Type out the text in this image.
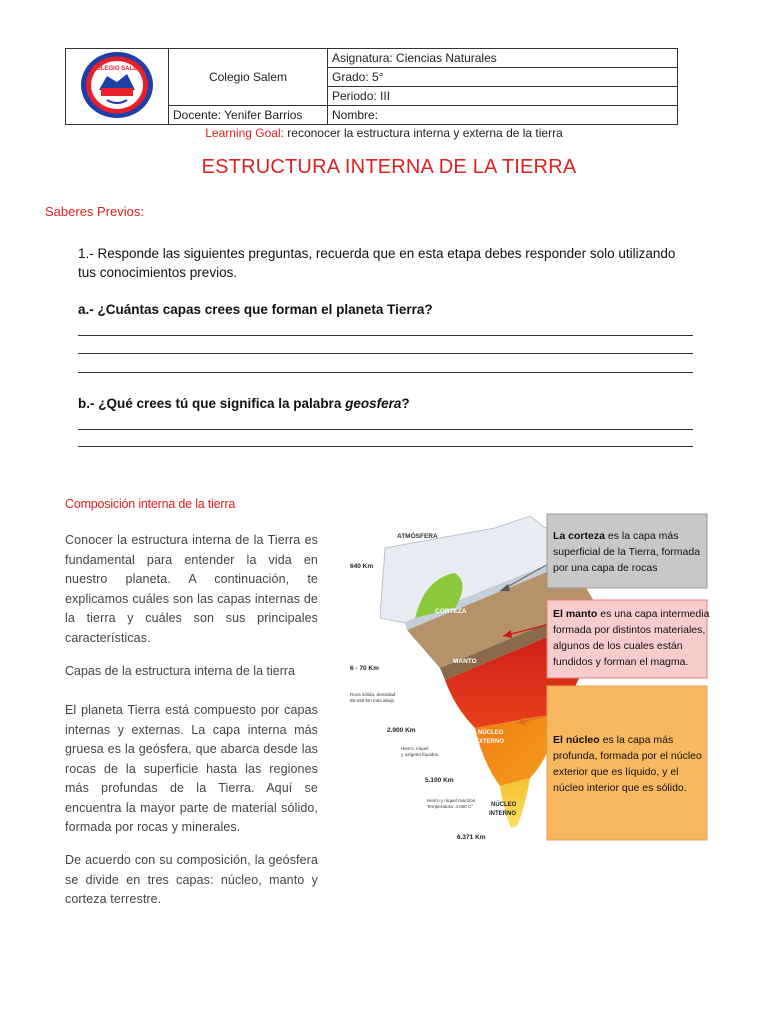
COLEGIO SALEM	Colegio Salem	Asignatura: Ciencias Naturales
		Grado: 5°
		Periodo: III
	Docente: Yenifer Barrios	Nombre:
Learning Goal: reconocer la estructura interna y externa de la tierra
ESTRUCTURA INTERNA DE LA TIERRA
Saberes Previos:
1.- Responde las siguientes preguntas, recuerda que en esta etapa debes responder solo utilizando tus conocimientos previos.
a.- ¿Cuántas capas crees que forman el planeta Tierra?
b.- ¿Qué crees tú que significa la palabra geosfera?
Composición interna de la tierra
Conocer la estructura interna de la Tierra es fundamental para entender la vida en nuestro planeta. A continuación, te explicamos cuáles son las capas internas de la tierra y cuáles son sus principales características.
Capas de la estructura interna de la tierra
El planeta Tierra está compuesto por capas internas y externas. La capa interna más gruesa es la geósfera, que abarca desde las rocas de la superficie hasta las regiones más profundas de la Tierra. Aquí se encuentra la mayor parte de material sólido, formada por rocas y minerales.
De acuerdo con su composición, la geósfera se divide en tres capas: núcleo, manto y corteza terrestre.
ATMÓSFERA
640 Km
CORTEZA
MANTO
6 - 70 Km
Roca sólida, densidad
55-150 km más abajo.
2.900 Km	NÚCLEO
EXTERNO
Hierro, níquel
y oxígeno líquidos.
5.100 Km
NÚCLEO
INTERNO
Hierro y níquel macizos
Temperatura: 4.000 C°
6.371 Km
La corteza es la capa más
superficial de la Tierra, formada
por una capa de rocas
El manto es una capa intermedia
formada por distintos materiales,
algunos de los cuales están
fundidos y forman el magma.
El núcleo es la capa más
profunda, formada por el núcleo
exterior que es líquido, y el
núcleo interior que es sólido.
